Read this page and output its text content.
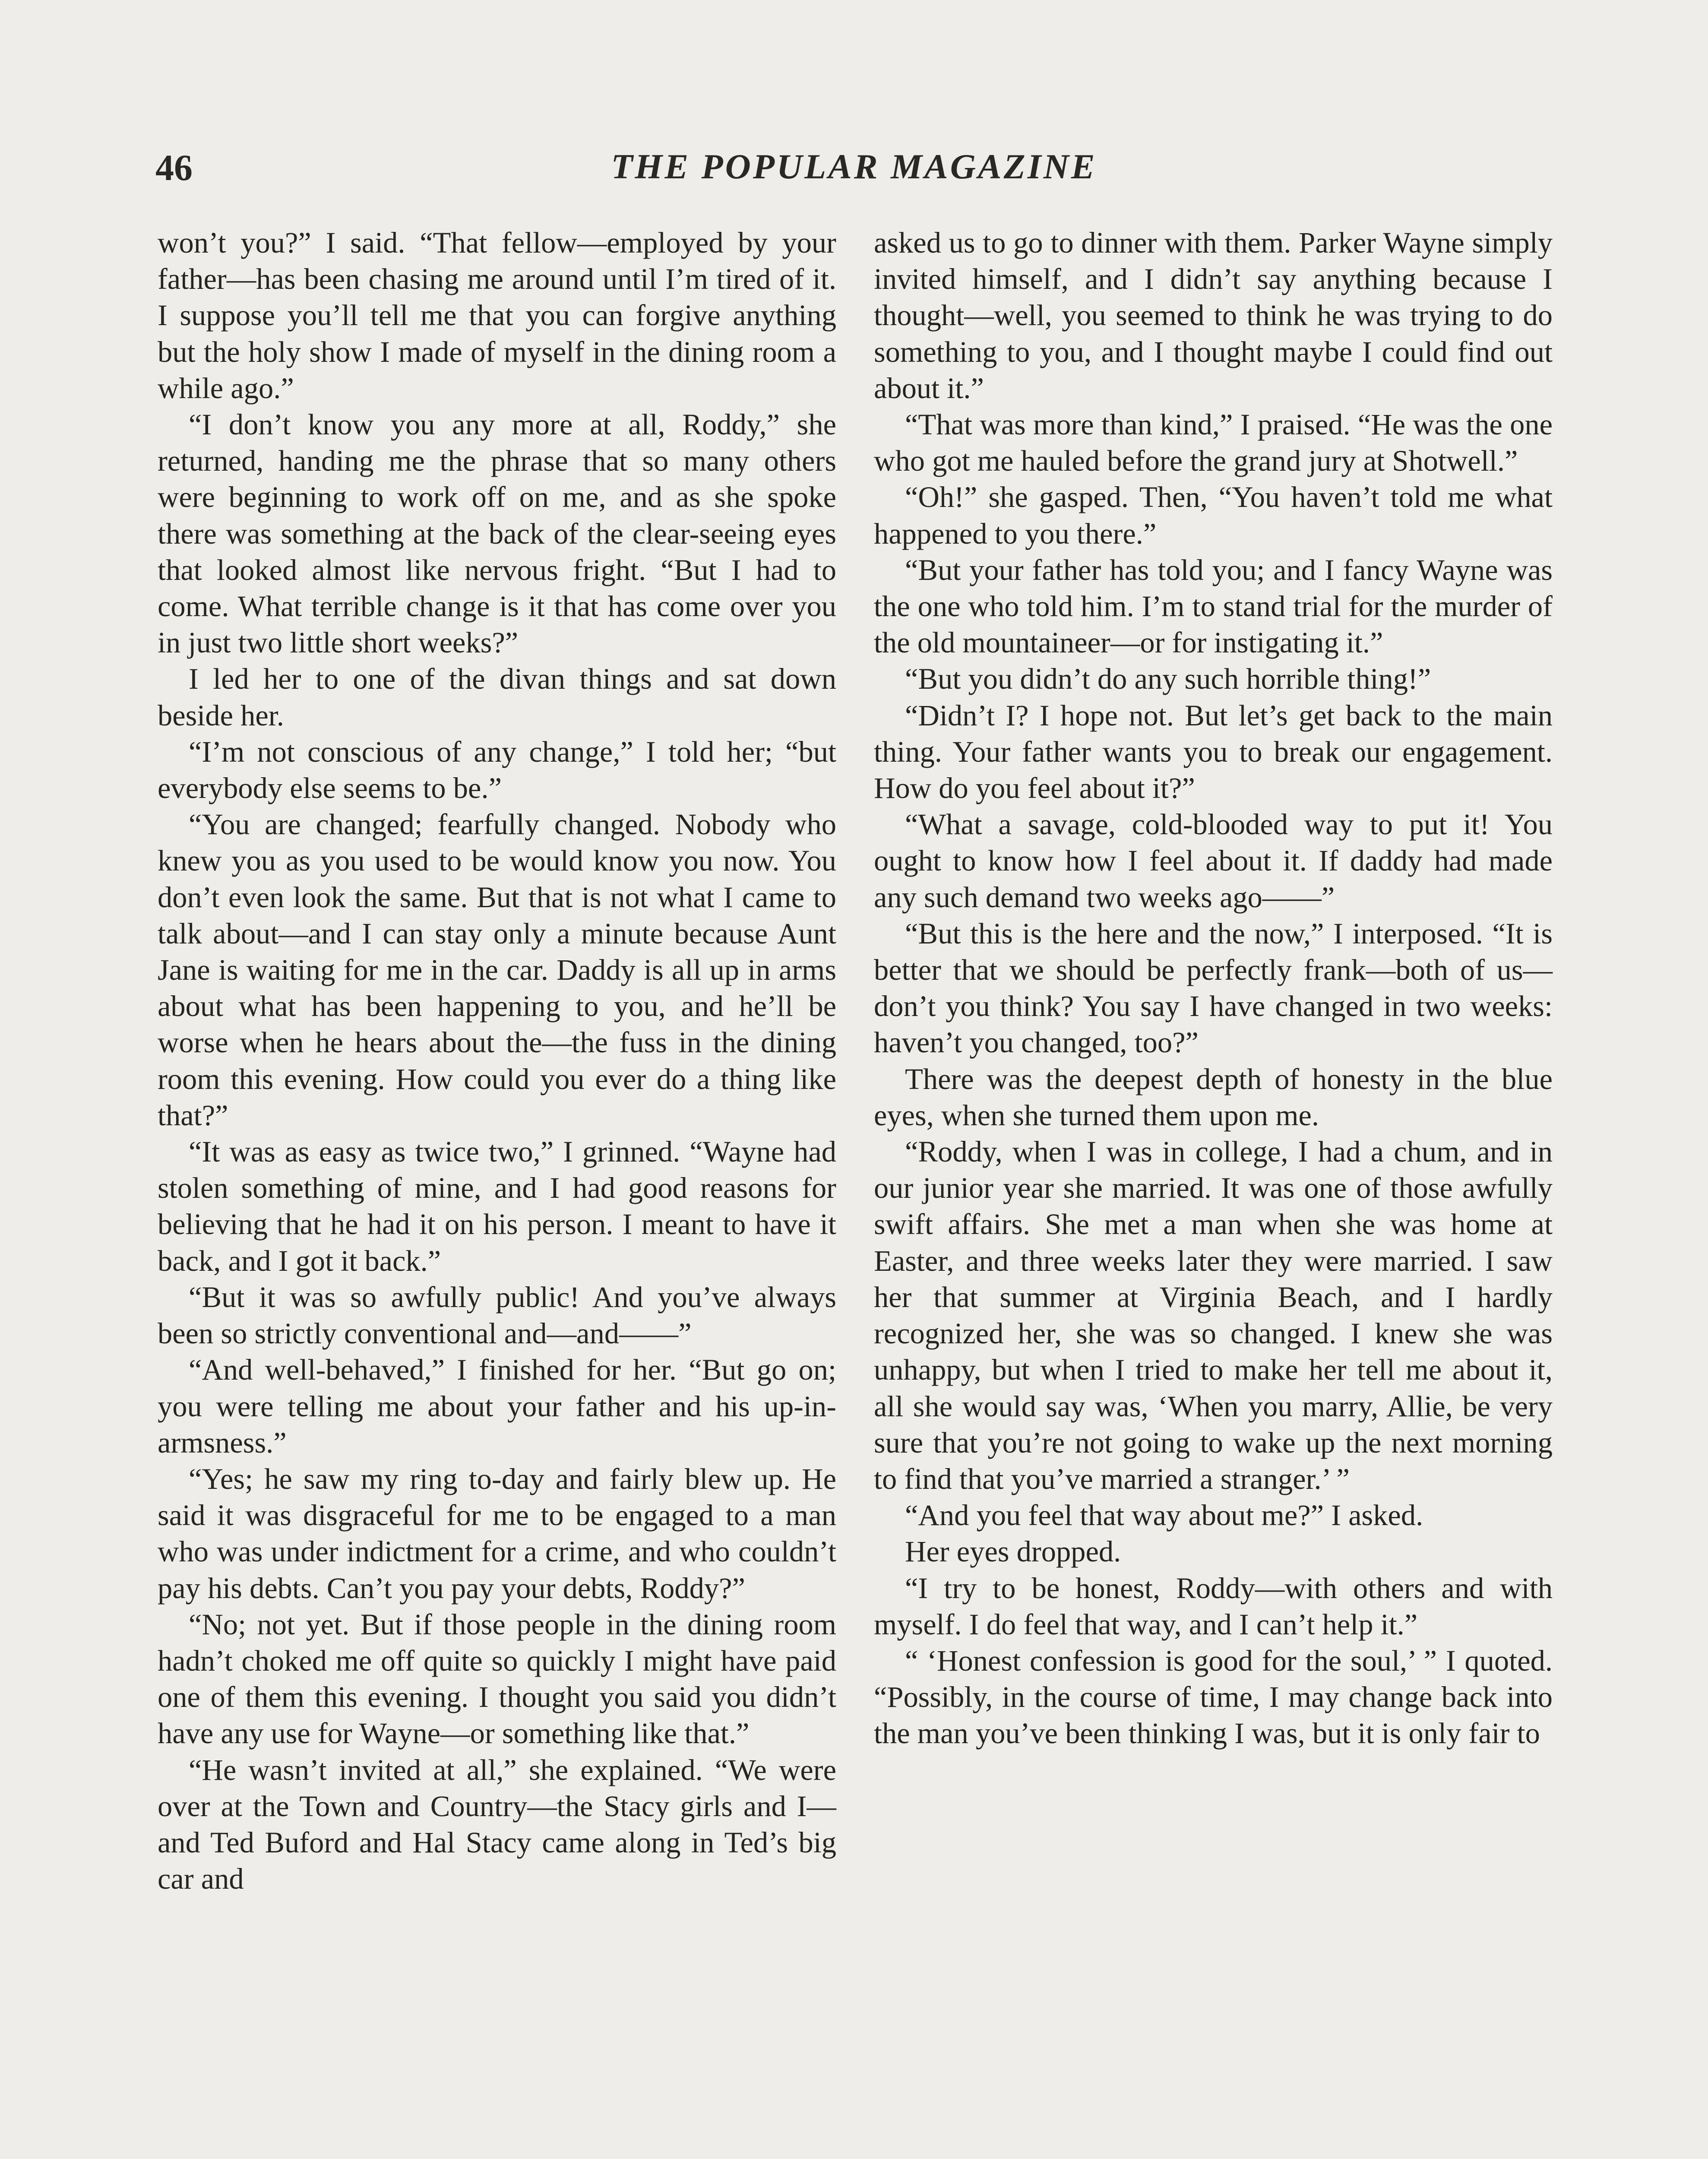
46	THE POPULAR MAGAZINE

won’t you?” I said. “That fellow—employed by your father—has been chasing me around until I’m tired of it. I suppose you’ll tell me that you can forgive anything but the holy show I made of myself in the dining room a while ago.”

“I don’t know you any more at all, Roddy,” she returned, handing me the phrase that so many others were beginning to work off on me, and as she spoke there was something at the back of the clear-seeing eyes that looked almost like nervous fright. “But I had to come. What terrible change is it that has come over you in just two little short weeks?”

I led her to one of the divan things and sat down beside her.

“I’m not conscious of any change,” I told her; “but everybody else seems to be.”

“You are changed; fearfully changed. Nobody who knew you as you used to be would know you now. You don’t even look the same. But that is not what I came to talk about—and I can stay only a minute because Aunt Jane is waiting for me in the car. Daddy is all up in arms about what has been happening to you, and he’ll be worse when he hears about the—the fuss in the dining room this evening. How could you ever do a thing like that?”

“It was as easy as twice two,” I grinned. “Wayne had stolen something of mine, and I had good reasons for believing that he had it on his person. I meant to have it back, and I got it back.”

“But it was so awfully public! And you’ve always been so strictly conventional and—and——”

“And well-behaved,” I finished for her. “But go on; you were telling me about your father and his up-in-armsness.”

“Yes; he saw my ring to-day and fairly blew up. He said it was disgraceful for me to be engaged to a man who was under indictment for a crime, and who couldn’t pay his debts. Can’t you pay your debts, Roddy?”

“No; not yet. But if those people in the dining room hadn’t choked me off quite so quickly I might have paid one of them this evening. I thought you said you didn’t have any use for Wayne—or something like that.”

“He wasn’t invited at all,” she explained. “We were over at the Town and Country—the Stacy girls and I—and Ted Buford and Hal Stacy came along in Ted’s big car and

asked us to go to dinner with them. Parker Wayne simply invited himself, and I didn’t say anything because I thought—well, you seemed to think he was trying to do something to you, and I thought maybe I could find out about it.”

“That was more than kind,” I praised. “He was the one who got me hauled before the grand jury at Shotwell.”

“Oh!” she gasped. Then, “You haven’t told me what happened to you there.”

“But your father has told you; and I fancy Wayne was the one who told him. I’m to stand trial for the murder of the old mountaineer—or for instigating it.”

“But you didn’t do any such horrible thing!”

“Didn’t I? I hope not. But let’s get back to the main thing. Your father wants you to break our engagement. How do you feel about it?”

“What a savage, cold-blooded way to put it! You ought to know how I feel about it. If daddy had made any such demand two weeks ago——”

“But this is the here and the now,” I interposed. “It is better that we should be perfectly frank—both of us—don’t you think? You say I have changed in two weeks: haven’t you changed, too?”

There was the deepest depth of honesty in the blue eyes, when she turned them upon me.

“Roddy, when I was in college, I had a chum, and in our junior year she married. It was one of those awfully swift affairs. She met a man when she was home at Easter, and three weeks later they were married. I saw her that summer at Virginia Beach, and I hardly recognized her, she was so changed. I knew she was unhappy, but when I tried to make her tell me about it, all she would say was, ‘When you marry, Allie, be very sure that you’re not going to wake up the next morning to find that you’ve married a stranger.’ ”

“And you feel that way about me?” I asked.

Her eyes dropped.

“I try to be honest, Roddy—with others and with myself. I do feel that way, and I can’t help it.”

“ ‘Honest confession is good for the soul,’ ” I quoted. “Possibly, in the course of time, I may change back into the man you’ve been thinking I was, but it is only fair to
